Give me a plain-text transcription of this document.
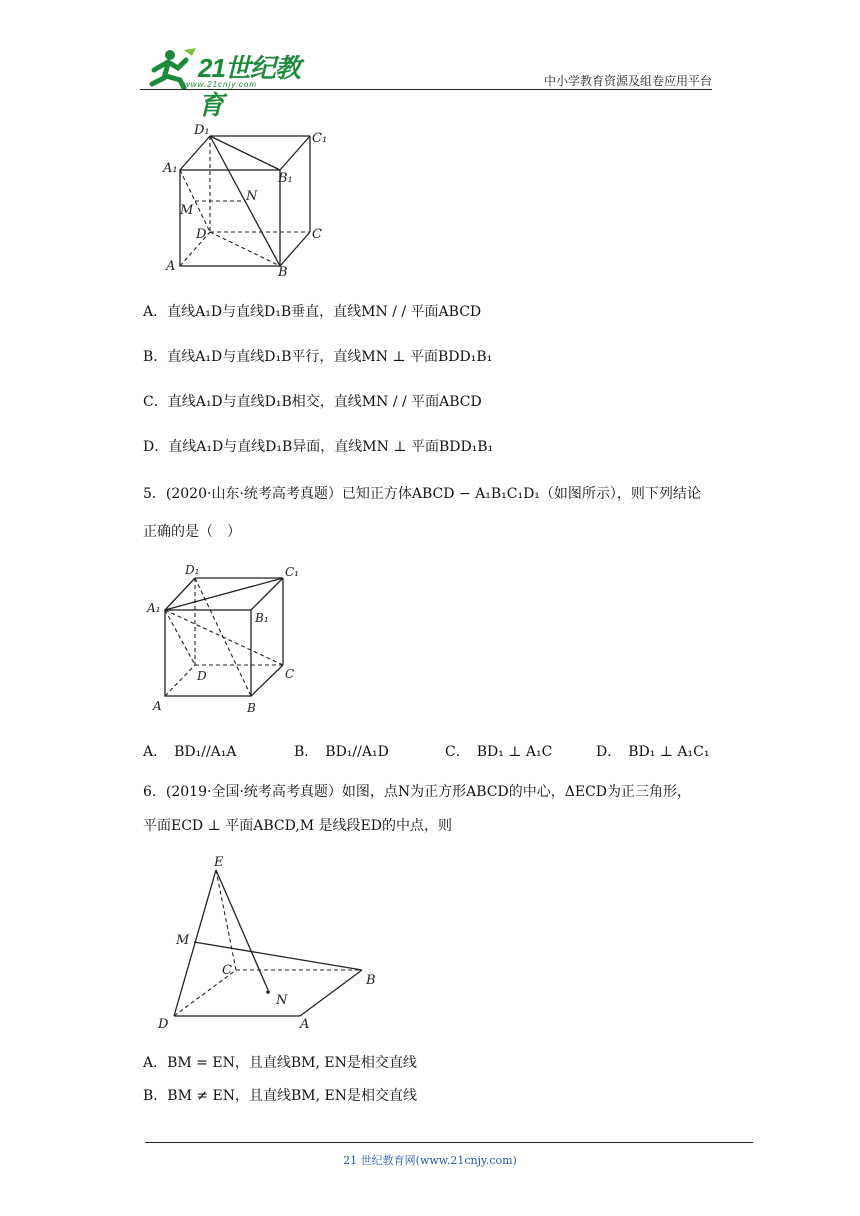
21世纪教育
www.21cnjy.com	中小学教育资源及组卷应用平台
D₁
C₁
A₁
B₁
N
M
D	C
A	B
A．直线A₁D与直线D₁B垂直，直线MN / / 平面ABCD
B．直线A₁D与直线D₁B平行，直线MN ⊥ 平面BDD₁B₁
C．直线A₁D与直线D₁B相交，直线MN / / 平面ABCD
D．直线A₁D与直线D₁B异面，直线MN ⊥ 平面BDD₁B₁
5．(2020·山东·统考高考真题）已知正方体ABCD − A₁B₁C₁D₁（如图所示），则下列结论
正确的是（　）
D₁	C₁
A₁
B₁
D	C
A	B
A．　BD₁//A₁A	B．　BD₁//A₁D	C．　BD₁ ⊥ A₁C	D．　BD₁ ⊥ A₁C₁
6．(2019·全国·统考高考真题）如图，点N为正方形ABCD的中心，ΔECD为正三角形，
平面ECD ⊥ 平面ABCD,M 是线段ED的中点，则
E
M
C
B
N
D	A
A．BM = EN，且直线BM, EN是相交直线
B．BM ≠ EN，且直线BM, EN是相交直线
21 世纪教育网(www.21cnjy.com)
